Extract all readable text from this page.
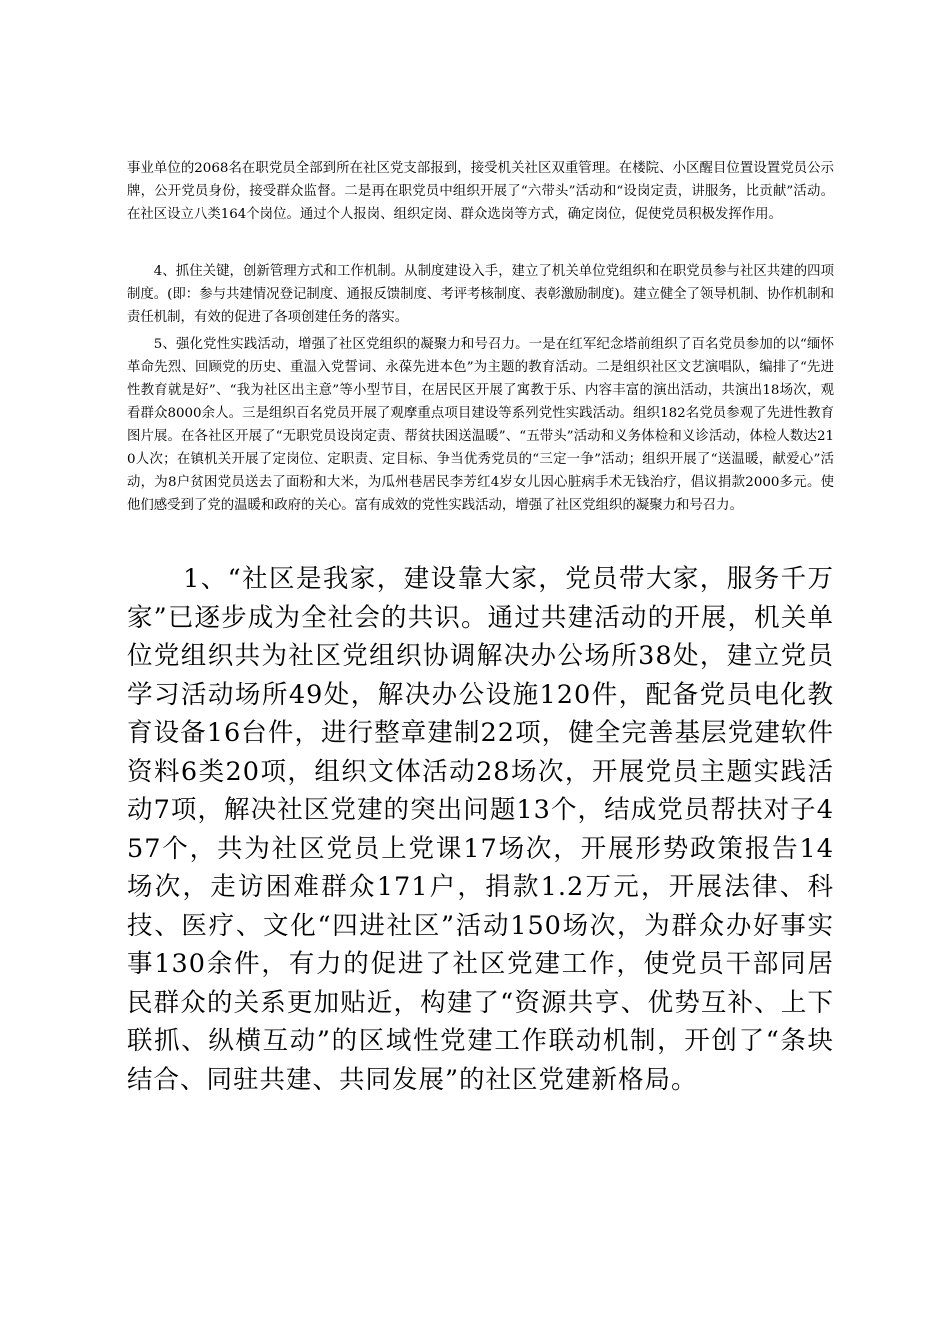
事业单位的2068名在职党员全部到所在社区党支部报到，接受机关社区双重管理。在楼院、小区醒目位置设置党员公示牌，公开党员身份，接受群众监督。二是再在职党员中组织开展了“六带头”活动和“设岗定责，讲服务，比贡献”活动。在社区设立八类164个岗位。通过个人报岗、组织定岗、群众选岗等方式，确定岗位，促使党员积极发挥作用。

4、抓住关键，创新管理方式和工作机制。从制度建设入手，建立了机关单位党组织和在职党员参与社区共建的四项制度。(即：参与共建情况登记制度、通报反馈制度、考评考核制度、表彰激励制度)。建立健全了领导机制、协作机制和责任机制，有效的促进了各项创建任务的落实。

5、强化党性实践活动，增强了社区党组织的凝聚力和号召力。一是在红军纪念塔前组织了百名党员参加的以“缅怀革命先烈、回顾党的历史、重温入党誓词、永葆先进本色”为主题的教育活动。二是组织社区文艺演唱队，编排了“先进性教育就是好”、“我为社区出主意”等小型节目，在居民区开展了寓教于乐、内容丰富的演出活动，共演出18场次，观看群众8000余人。三是组织百名党员开展了观摩重点项目建设等系列党性实践活动。组织182名党员参观了先进性教育图片展。在各社区开展了“无职党员设岗定责、帮贫扶困送温暖”、“五带头”活动和义务体检和义诊活动，体检人数达210人次；在镇机关开展了定岗位、定职责、定目标、争当优秀党员的“三定一争”活动；组织开展了“送温暖，献爱心”活动，为8户贫困党员送去了面粉和大米，为瓜州巷居民李芳红4岁女儿因心脏病手术无钱治疗，倡议捐款2000多元。使他们感受到了党的温暖和政府的关心。富有成效的党性实践活动，增强了社区党组织的凝聚力和号召力。

1、“社区是我家，建设靠大家，党员带大家，服务千万家”已逐步成为全社会的共识。通过共建活动的开展，机关单位党组织共为社区党组织协调解决办公场所38处，建立党员学习活动场所49处，解决办公设施120件，配备党员电化教育设备16台件，进行整章建制22项，健全完善基层党建软件资料6类20项，组织文体活动28场次，开展党员主题实践活动7项，解决社区党建的突出问题13个，结成党员帮扶对子457个，共为社区党员上党课17场次，开展形势政策报告14场次，走访困难群众171户，捐款1.2万元，开展法律、科技、医疗、文化“四进社区”活动150场次，为群众办好事实事130余件，有力的促进了社区党建工作，使党员干部同居民群众的关系更加贴近，构建了“资源共亨、优势互补、上下联抓、纵横互动”的区域性党建工作联动机制，开创了“条块结合、同驻共建、共同发展”的社区党建新格局。
